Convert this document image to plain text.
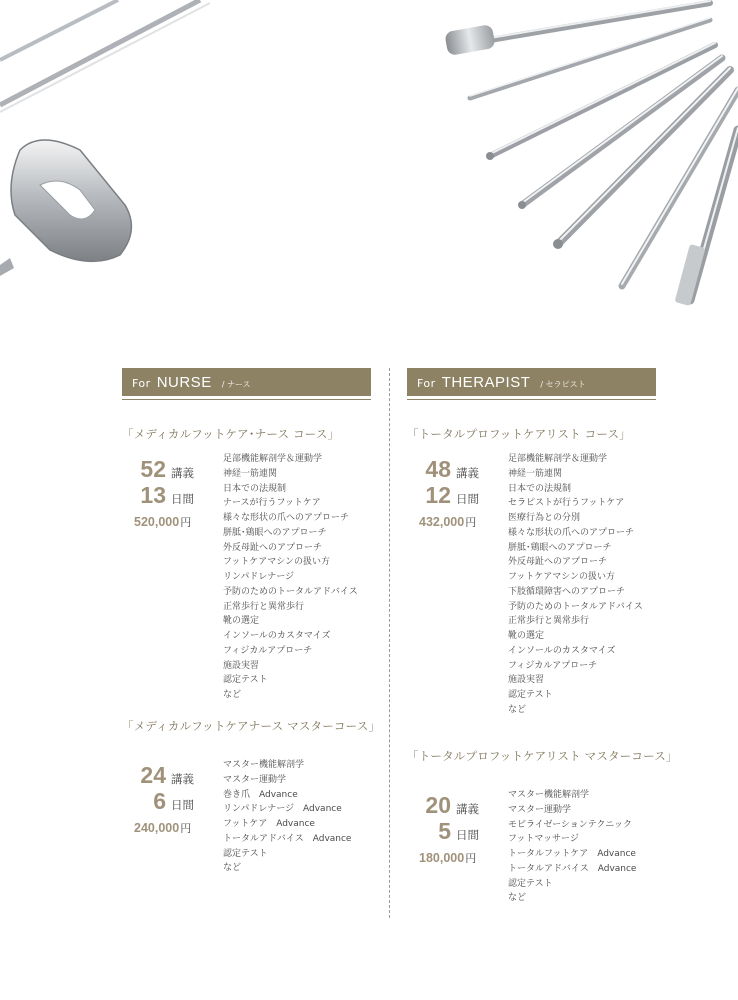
For NURSE / ナース
「メディカルフットケア･ナース コース」
52 講義
13 日間
520,000円
足部機能解剖学＆運動学
神経一筋連関
日本での法規制
ナースが行うフットケア
様々な形状の爪へのアプローチ
胼胝･鶏眼へのアプローチ
外反母趾へのアプローチ
フットケアマシンの扱い方
リンパドレナージ
予防のためのトータルアドバイス
正常歩行と異常歩行
靴の選定
インソールのカスタマイズ
フィジカルアプローチ
施設実習
認定テスト
など
「メディカルフットケアナース マスターコース」
24 講義
6 日間
240,000円
マスター機能解剖学
マスター運動学
巻き爪　Advance
リンパドレナージ　Advance
フットケア　Advance
トータルアドバイス　Advance
認定テスト
など
For THERAPIST / セラピスト
「トータルプロフットケアリスト コース」
48 講義
12 日間
432,000円
足部機能解剖学＆運動学
神経一筋連関
日本での法規制
セラピストが行うフットケア
医療行為との分別
様々な形状の爪へのアプローチ
胼胝･鶏眼へのアプローチ
外反母趾へのアプローチ
フットケアマシンの扱い方
下肢循環障害へのアプローチ
予防のためのトータルアドバイス
正常歩行と異常歩行
靴の選定
インソールのカスタマイズ
フィジカルアプローチ
施設実習
認定テスト
など
「トータルプロフットケアリスト マスターコース」
20 講義
5 日間
180,000円
マスター機能解剖学
マスター運動学
モビライゼーションテクニック
フットマッサージ
トータルフットケア　Advance
トータルアドバイス　Advance
認定テスト
など
